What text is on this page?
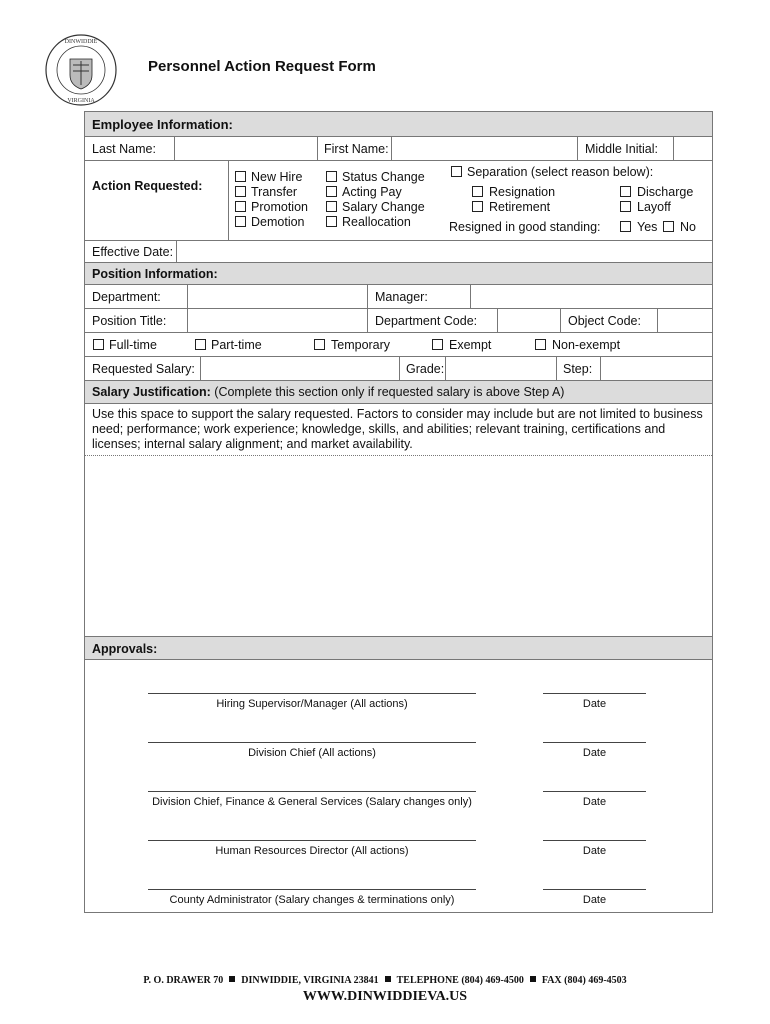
DINWIDDIE
VIRGINIA
Personnel Action Request Form
Employee Information:
Last Name:	First Name:	Middle Initial:
Action Requested:
New Hire
Transfer
Promotion
Demotion
Status Change
Acting Pay
Salary Change
Reallocation
Separation (select reason below):
Resignation
Retirement
Discharge
Layoff
Resigned in good standing:	Yes No
Effective Date:
Position Information:
Department:	Manager:
Position Title:	Department Code:	Object Code:
Full-time	Part-time	Temporary	Exempt	Non-exempt
Requested Salary:	Grade:	Step:
Salary Justification: (Complete this section only if requested salary is above Step A)
Use this space to support the salary requested. Factors to consider may include but are not limited to business need; performance; work experience; knowledge, skills, and abilities; relevant training, certifications and licenses; internal salary alignment; and market availability.
Approvals:
Hiring Supervisor/Manager (All actions)	Date
Division Chief (All actions)	Date
Division Chief, Finance & General Services (Salary changes only)	Date
Human Resources Director (All actions)	Date
County Administrator (Salary changes & terminations only)	Date
P. O. DRAWER 70 DINWIDDIE, VIRGINIA 23841 TELEPHONE (804) 469-4500 FAX (804) 469-4503
WWW.DINWIDDIEVA.US
